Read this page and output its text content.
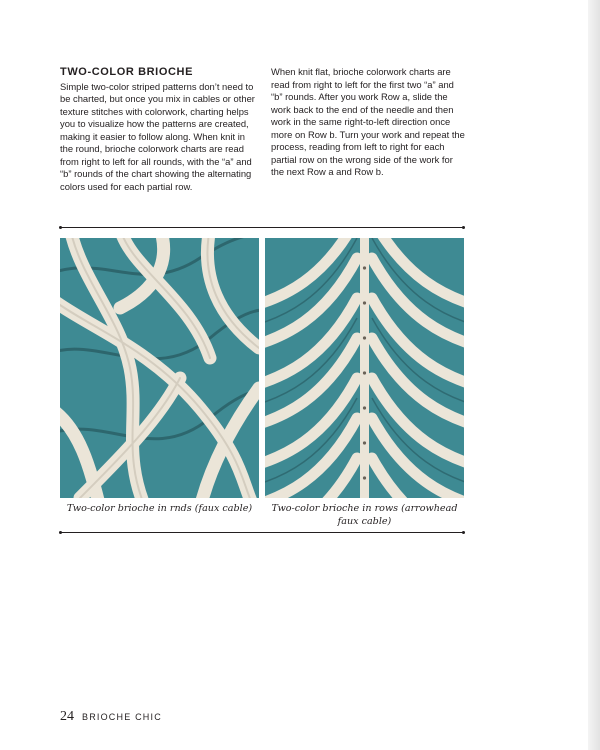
TWO-COLOR BRIOCHE

Simple two-color striped patterns don’t need to be charted, but once you mix in cables or other texture stitches with colorwork, charting helps you to visualize how the patterns are created, making it easier to follow along. When knit in the round, brioche colorwork charts are read from right to left for all rounds, with the “a” and “b” rounds of the chart showing the alternating colors used for each partial row.

When knit flat, brioche colorwork charts are read from right to left for the first two “a” and “b” rounds. After you work Row a, slide the work back to the end of the needle and then work in the same right-to-left direction once more on Row b. Turn your work and repeat the process, reading from left to right for each partial row on the wrong side of the work for the next Row a and Row b.

Two-color brioche in rnds (faux cable)	Two-color brioche in rows (arrowhead faux cable)
24 BRIOCHE CHIC
